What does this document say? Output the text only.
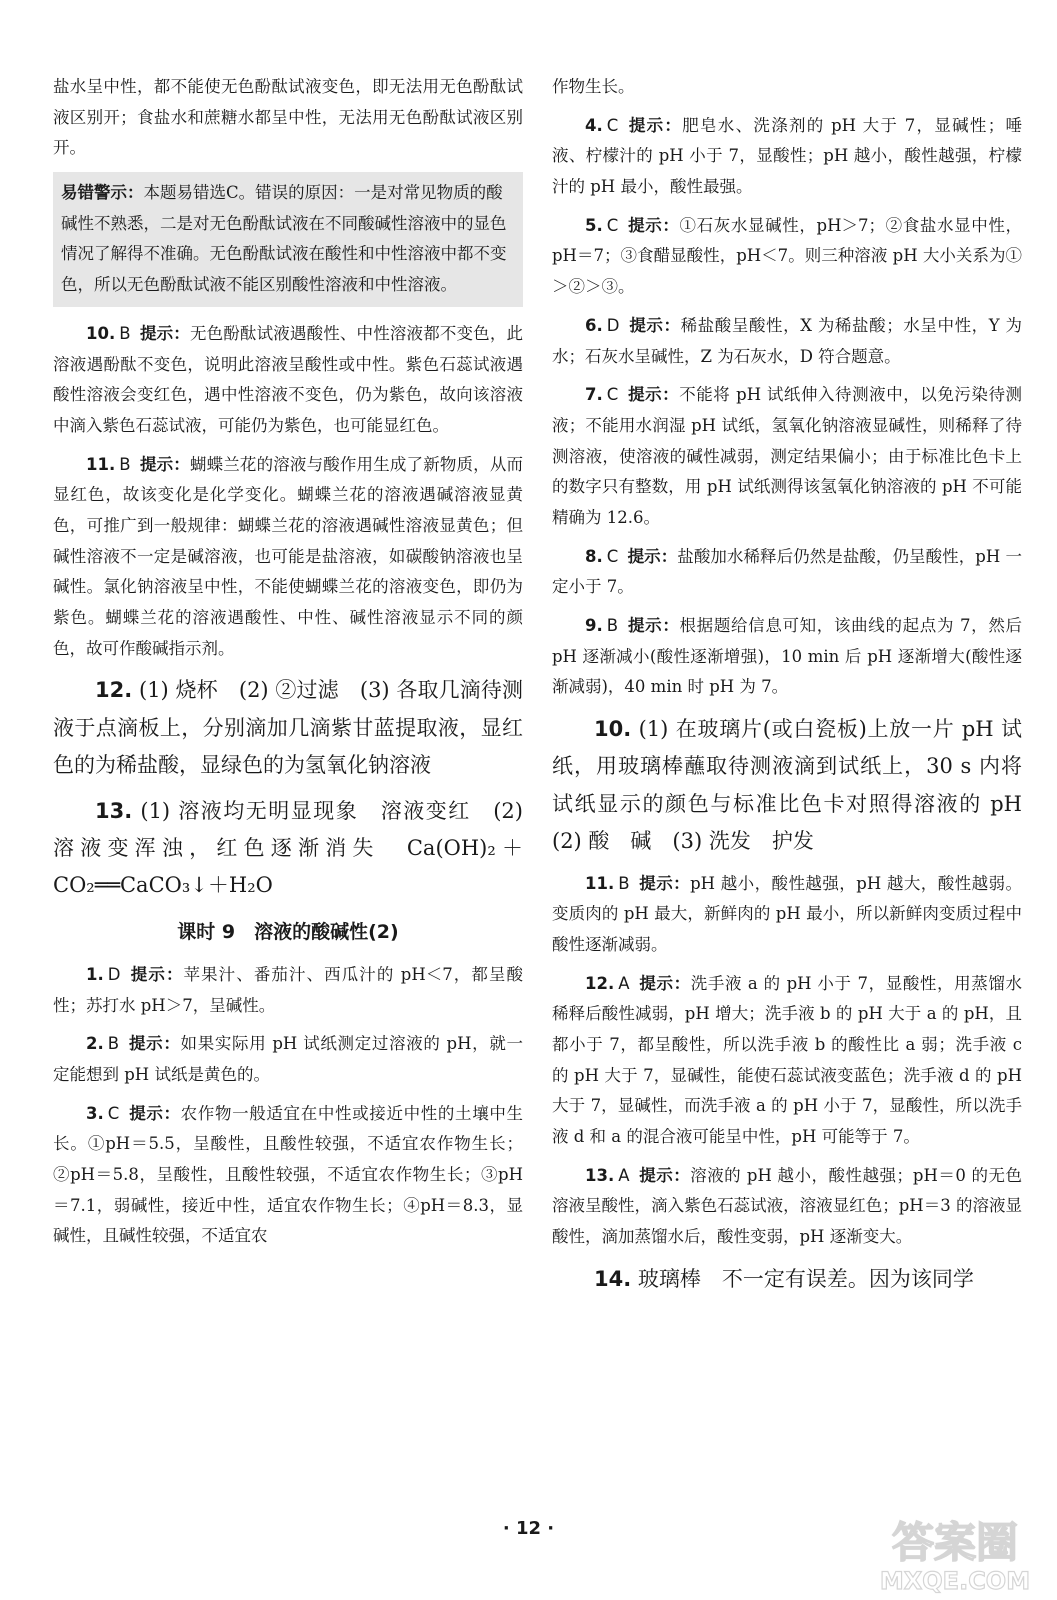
盐水呈中性，都不能使无色酚酞试液变色，即无法用无色酚酞试液区别开；食盐水和蔗糖水都呈中性，无法用无色酚酞试液区别开。

易错警示：本题易错选C。错误的原因：一是对常见物质的酸碱性不熟悉，二是对无色酚酞试液在不同酸碱性溶液中的显色情况了解得不准确。无色酚酞试液在酸性和中性溶液中都不变色，所以无色酚酞试液不能区别酸性溶液和中性溶液。

10. B 提示：无色酚酞试液遇酸性、中性溶液都不变色，此溶液遇酚酞不变色，说明此溶液呈酸性或中性。紫色石蕊试液遇酸性溶液会变红色，遇中性溶液不变色，仍为紫色，故向该溶液中滴入紫色石蕊试液，可能仍为紫色，也可能显红色。

11. B 提示：蝴蝶兰花的溶液与酸作用生成了新物质，从而显红色，故该变化是化学变化。蝴蝶兰花的溶液遇碱溶液显黄色，可推广到一般规律：蝴蝶兰花的溶液遇碱性溶液显黄色；但碱性溶液不一定是碱溶液，也可能是盐溶液，如碳酸钠溶液也呈碱性。氯化钠溶液呈中性，不能使蝴蝶兰花的溶液变色，即仍为紫色。蝴蝶兰花的溶液遇酸性、中性、碱性溶液显示不同的颜色，故可作酸碱指示剂。

12. (1) 烧杯　(2) ②过滤　(3) 各取几滴待测液于点滴板上，分别滴加几滴紫甘蓝提取液，显红色的为稀盐酸，显绿色的为氢氧化钠溶液

13. (1) 溶液均无明显现象　溶液变红　(2) 溶液变浑浊，红色逐渐消失　Ca(OH)₂＋CO₂══CaCO₃↓＋H₂O

课时 9　溶液的酸碱性(2)

1. D 提示：苹果汁、番茄汁、西瓜汁的 pH＜7，都呈酸性；苏打水 pH＞7，呈碱性。

2. B 提示：如果实际用 pH 试纸测定过溶液的 pH，就一定能想到 pH 试纸是黄色的。

3. C 提示：农作物一般适宜在中性或接近中性的土壤中生长。①pH＝5.5，呈酸性，且酸性较强，不适宜农作物生长；②pH＝5.8，呈酸性，且酸性较强，不适宜农作物生长；③pH＝7.1，弱碱性，接近中性，适宜农作物生长；④pH＝8.3，显碱性，且碱性较强，不适宜农

作物生长。

4. C 提示：肥皂水、洗涤剂的 pH 大于 7，显碱性；唾液、柠檬汁的 pH 小于 7，显酸性；pH 越小，酸性越强，柠檬汁的 pH 最小，酸性最强。

5. C 提示：①石灰水显碱性，pH＞7；②食盐水显中性，pH＝7；③食醋显酸性，pH＜7。则三种溶液 pH 大小关系为①＞②＞③。

6. D 提示：稀盐酸呈酸性，X 为稀盐酸；水呈中性，Y 为水；石灰水呈碱性，Z 为石灰水，D 符合题意。

7. C 提示：不能将 pH 试纸伸入待测液中，以免污染待测液；不能用水润湿 pH 试纸，氢氧化钠溶液显碱性，则稀释了待测溶液，使溶液的碱性减弱，测定结果偏小；由于标准比色卡上的数字只有整数，用 pH 试纸测得该氢氧化钠溶液的 pH 不可能精确为 12.6。

8. C 提示：盐酸加水稀释后仍然是盐酸，仍呈酸性，pH 一定小于 7。

9. B 提示：根据题给信息可知，该曲线的起点为 7，然后 pH 逐渐减小(酸性逐渐增强)，10 min 后 pH 逐渐增大(酸性逐渐减弱)，40 min 时 pH 为 7。

10. (1) 在玻璃片(或白瓷板)上放一片 pH 试纸，用玻璃棒蘸取待测液滴到试纸上，30 s 内将试纸显示的颜色与标准比色卡对照得溶液的 pH　(2) 酸　碱　(3) 洗发　护发

11. B 提示：pH 越小，酸性越强，pH 越大，酸性越弱。变质肉的 pH 最大，新鲜肉的 pH 最小，所以新鲜肉变质过程中酸性逐渐减弱。

12. A 提示：洗手液 a 的 pH 小于 7，显酸性，用蒸馏水稀释后酸性减弱，pH 增大；洗手液 b 的 pH 大于 a 的 pH，且都小于 7，都呈酸性，所以洗手液 b 的酸性比 a 弱；洗手液 c 的 pH 大于 7，显碱性，能使石蕊试液变蓝色；洗手液 d 的 pH 大于 7，显碱性，而洗手液 a 的 pH 小于 7，显酸性，所以洗手液 d 和 a 的混合液可能呈中性，pH 可能等于 7。

13. A 提示：溶液的 pH 越小，酸性越强；pH＝0 的无色溶液呈酸性，滴入紫色石蕊试液，溶液显红色；pH＝3 的溶液显酸性，滴加蒸馏水后，酸性变弱，pH 逐渐变大。

14. 玻璃棒　不一定有误差。因为该同学

· 12 ·	答案圈
MXQE.COM
